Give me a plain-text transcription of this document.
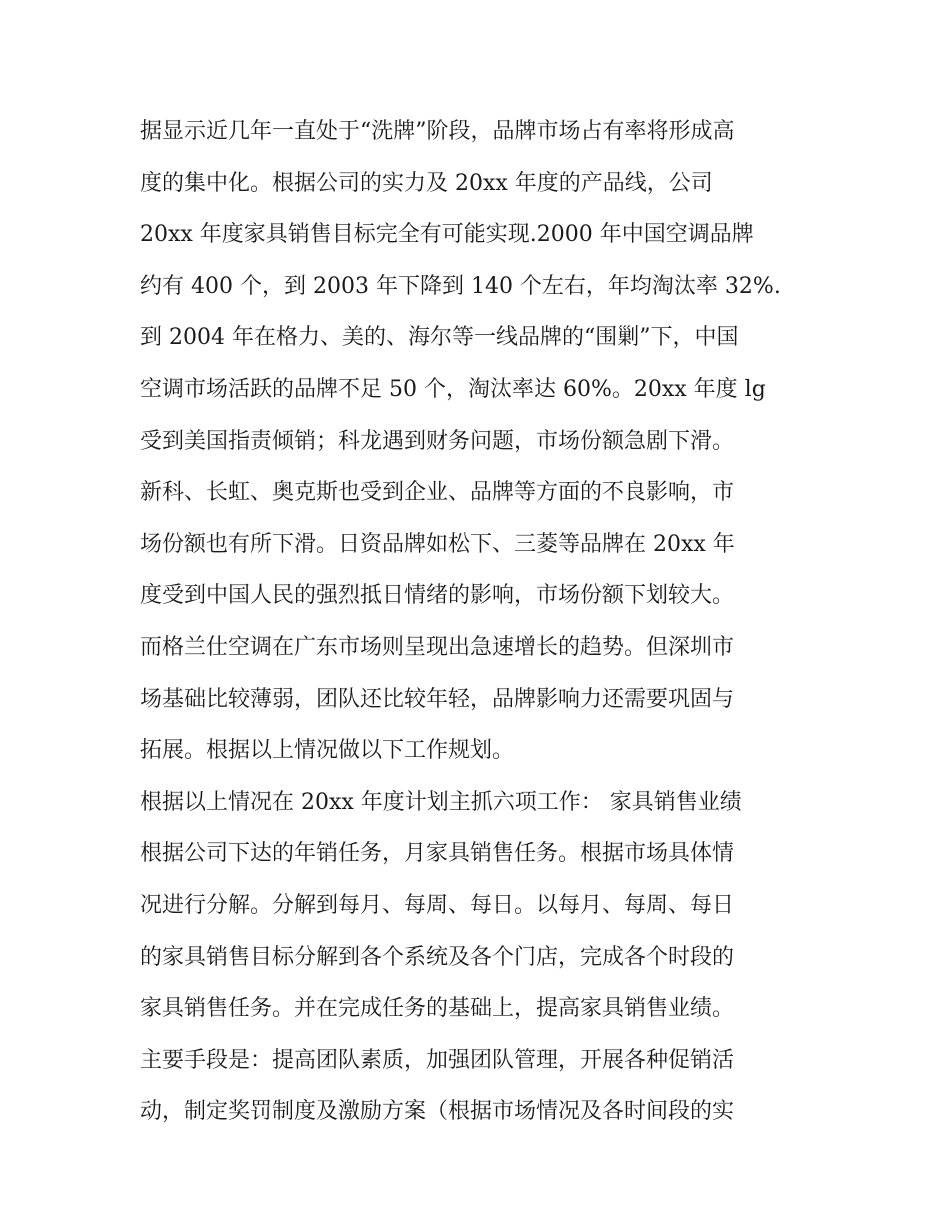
据显示近几年一直处于“洗牌”阶段，品牌市场占有率将形成高
度的集中化。根据公司的实力及 20xx 年度的产品线，公司
20xx 年度家具销售目标完全有可能实现.2000 年中国空调品牌
约有 400 个，到 2003 年下降到 140 个左右，年均淘汰率 32%.
到 2004 年在格力、美的、海尔等一线品牌的“围剿”下，中国
空调市场活跃的品牌不足 50 个，淘汰率达 60%。20xx 年度 lg
受到美国指责倾销；科龙遇到财务问题，市场份额急剧下滑。
新科、长虹、奥克斯也受到企业、品牌等方面的不良影响，市
场份额也有所下滑。日资品牌如松下、三菱等品牌在 20xx 年
度受到中国人民的强烈抵日情绪的影响，市场份额下划较大。
而格兰仕空调在广东市场则呈现出急速增长的趋势。但深圳市
场基础比较薄弱，团队还比较年轻，品牌影响力还需要巩固与
拓展。根据以上情况做以下工作规划。
根据以上情况在 20xx 年度计划主抓六项工作： 家具销售业绩
根据公司下达的年销任务，月家具销售任务。根据市场具体情
况进行分解。分解到每月、每周、每日。以每月、每周、每日
的家具销售目标分解到各个系统及各个门店，完成各个时段的
家具销售任务。并在完成任务的基础上，提高家具销售业绩。
主要手段是：提高团队素质，加强团队管理，开展各种促销活
动，制定奖罚制度及激励方案（根据市场情况及各时间段的实
